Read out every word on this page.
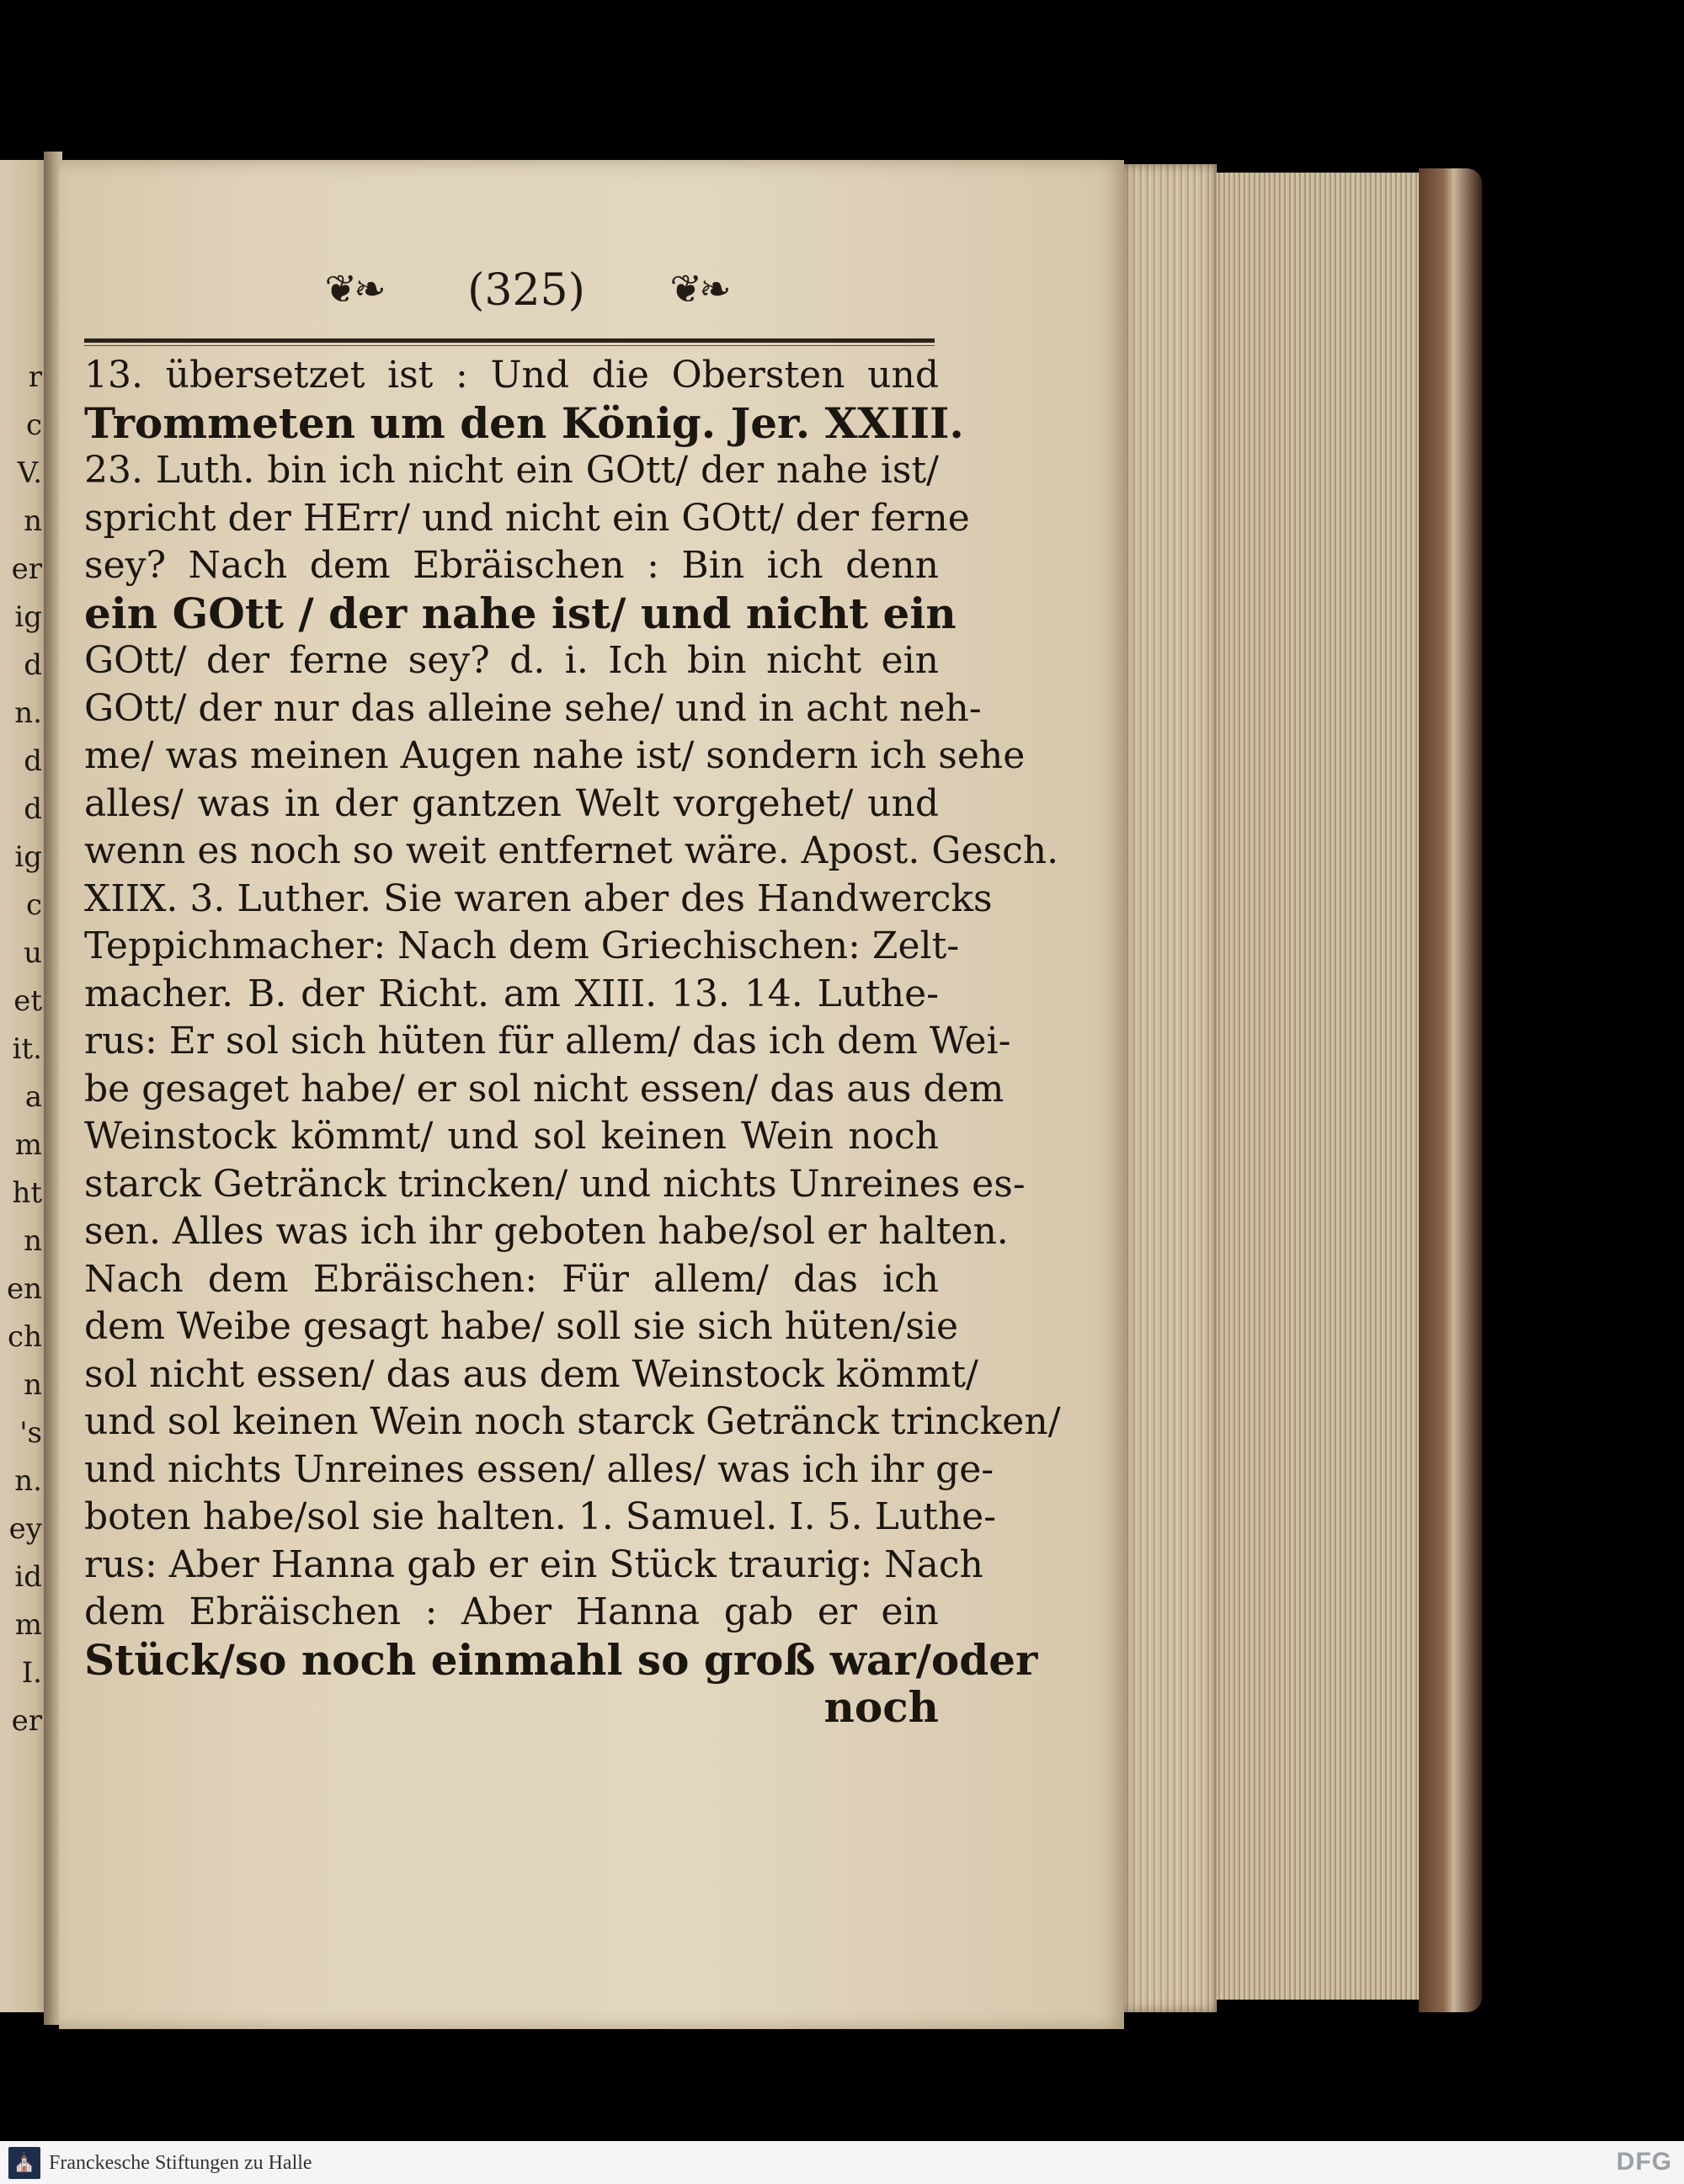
r
c
V.
n
er
ig
d
n.
d
d
ig
c
u
et
it.
a
m
ht
n
en
ch
n
's
n.
ey
id
m
I.
er
❦❧	(325)	❦❧
13. übersetzet ist : Und die Obersten und
Trommeten um den König. Jer. XXIII.
23. Luth. bin ich nicht ein GOtt/ der nahe ist/
spricht der HErr/ und nicht ein GOtt/ der ferne
sey? Nach dem Ebräischen : Bin ich denn
ein GOtt / der nahe ist/ und nicht ein
GOtt/ der ferne sey? d. i. Ich bin nicht ein
GOtt/ der nur das alleine sehe/ und in acht neh-
me/ was meinen Augen nahe ist/ sondern ich sehe
alles/ was in der gantzen Welt vorgehet/ und
wenn es noch so weit entfernet wäre. Apost. Gesch.
XIIX. 3. Luther. Sie waren aber des Handwercks
Teppichmacher: Nach dem Griechischen: Zelt-
macher. B. der Richt. am XIII. 13. 14. Luthe-
rus: Er sol sich hüten für allem/ das ich dem Wei-
be gesaget habe/ er sol nicht essen/ das aus dem
Weinstock kömmt/ und sol keinen Wein noch
starck Getränck trincken/ und nichts Unreines es-
sen. Alles was ich ihr geboten habe/sol er halten.
Nach dem Ebräischen: Für allem/ das ich
dem Weibe gesagt habe/ soll sie sich hüten/sie
sol nicht essen/ das aus dem Weinstock kömmt/
und sol keinen Wein noch starck Getränck trincken/
und nichts Unreines essen/ alles/ was ich ihr ge-
boten habe/sol sie halten. 1. Samuel. I. 5. Luthe-
rus: Aber Hanna gab er ein Stück traurig: Nach
dem Ebräischen : Aber Hanna gab er ein
Stück/so noch einmahl so groß war/oder
noch
⛪ Franckesche Stiftungen zu Halle	DFG
